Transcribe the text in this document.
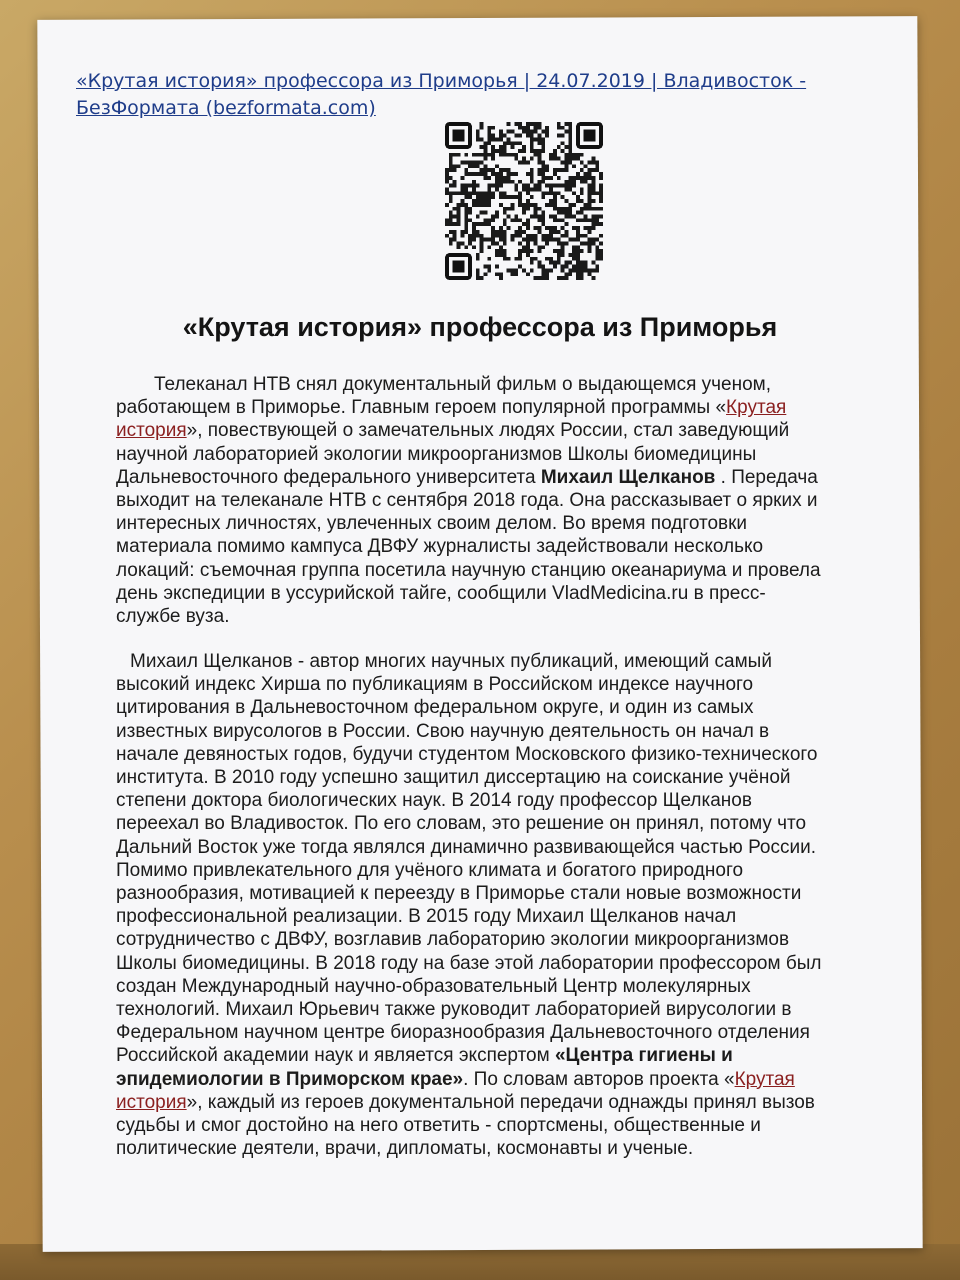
«Крутая история» профессора из Приморья | 24.07.2019 | Владивосток -
БезФормата (bezformata.com)
«Крутая история» профессора из Приморья
Телеканал НТВ снял документальный фильм о выдающемся ученом,
работающем в Приморье. Главным героем популярной программы «Крутая
история», повествующей о замечательных людях России, стал заведующий
научной лабораторией экологии микроорганизмов Школы биомедицины
Дальневосточного федерального университета Михаил Щелканов . Передача
выходит на телеканале НТВ с сентября 2018 года. Она рассказывает о ярких и
интересных личностях, увлеченных своим делом. Во время подготовки
материала помимо кампуса ДВФУ журналисты задействовали несколько
локаций: съемочная группа посетила научную станцию океанариума и провела
день экспедиции в уссурийской тайге, сообщили VladMedicina.ru в пресс-
службе вуза.
Михаил Щелканов - автор многих научных публикаций, имеющий самый
высокий индекс Хирша по публикациям в Российском индексе научного
цитирования в Дальневосточном федеральном округе, и один из самых
известных вирусологов в России. Свою научную деятельность он начал в
начале девяностых годов, будучи студентом Московского физико-технического
института. В 2010 году успешно защитил диссертацию на соискание учёной
степени доктора биологических наук. В 2014 году профессор Щелканов
переехал во Владивосток. По его словам, это решение он принял, потому что
Дальний Восток уже тогда являлся динамично развивающейся частью России.
Помимо привлекательного для учёного климата и богатого природного
разнообразия, мотивацией к переезду в Приморье стали новые возможности
профессиональной реализации. В 2015 году Михаил Щелканов начал
сотрудничество с ДВФУ, возглавив лабораторию экологии микроорганизмов
Школы биомедицины. В 2018 году на базе этой лаборатории профессором был
создан Международный научно-образовательный Центр молекулярных
технологий. Михаил Юрьевич также руководит лабораторией вирусологии в
Федеральном научном центре биоразнообразия Дальневосточного отделения
Российской академии наук и является экспертом «Центра гигиены и
эпидемиологии в Приморском крае». По словам авторов проекта «Крутая
история», каждый из героев документальной передачи однажды принял вызов
судьбы и смог достойно на него ответить - спортсмены, общественные и
политические деятели, врачи, дипломаты, космонавты и ученые.
